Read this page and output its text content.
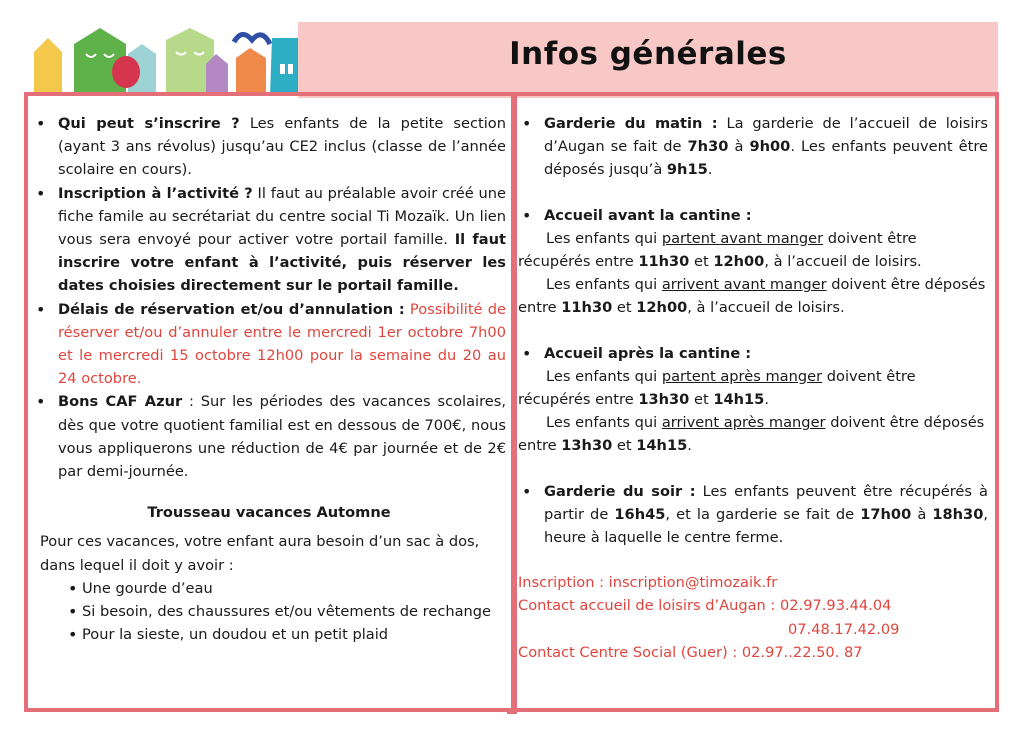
Infos générales
• Qui peut s’inscrire ? Les enfants de la petite section (ayant 3 ans révolus) jusqu’au CE2 inclus (classe de l’année scolaire en cours).
• Inscription à l’activité ? Il faut au préalable avoir créé une fiche famile au secrétariat du centre social Ti Mozaïk. Un lien vous sera envoyé pour activer votre portail famille. Il faut inscrire votre enfant à l’activité, puis réserver les dates choisies directement sur le portail famille.
• Délais de réservation et/ou d’annulation : Possibilité de réserver et/ou d’annuler entre le mercredi 1er octobre 7h00 et le mercredi 15 octobre 12h00 pour la semaine du 20 au 24 octobre.
• Bons CAF Azur : Sur les périodes des vacances scolaires, dès que votre quotient familial est en dessous de 700€, nous vous appliquerons une réduction de 4€ par journée et de 2€ par demi-journée.
Trousseau vacances Automne

Pour ces vacances, votre enfant aura besoin d’un sac à dos, dans lequel il doit y avoir :

• Une gourde d’eau
• Si besoin, des chaussures et/ou vêtements de rechange
• Pour la sieste, un doudou et un petit plaid
• Garderie du matin : La garderie de l’accueil de loisirs d’Augan se fait de 7h30 à 9h00. Les enfants peuvent être déposés jusqu’à 9h15.
• Accueil avant la cantine :

Les enfants qui partent avant manger doivent être récupérés entre 11h30 et 12h00, à l’accueil de loisirs.

Les enfants qui arrivent avant manger doivent être déposés entre 11h30 et 12h00, à l’accueil de loisirs.

• Accueil après la cantine :

Les enfants qui partent après manger doivent être récupérés entre 13h30 et 14h15.

Les enfants qui arrivent après manger doivent être déposés entre 13h30 et 14h15.

• Garderie du soir : Les enfants peuvent être récupérés à partir de 16h45, et la garderie se fait de 17h00 à 18h30, heure à laquelle le centre ferme.

Inscription : inscription@timozaik.fr

Contact accueil de loisirs d’Augan : 02.97.93.44.04

07.48.17.42.09

Contact Centre Social (Guer) : 02.97..22.50. 87
